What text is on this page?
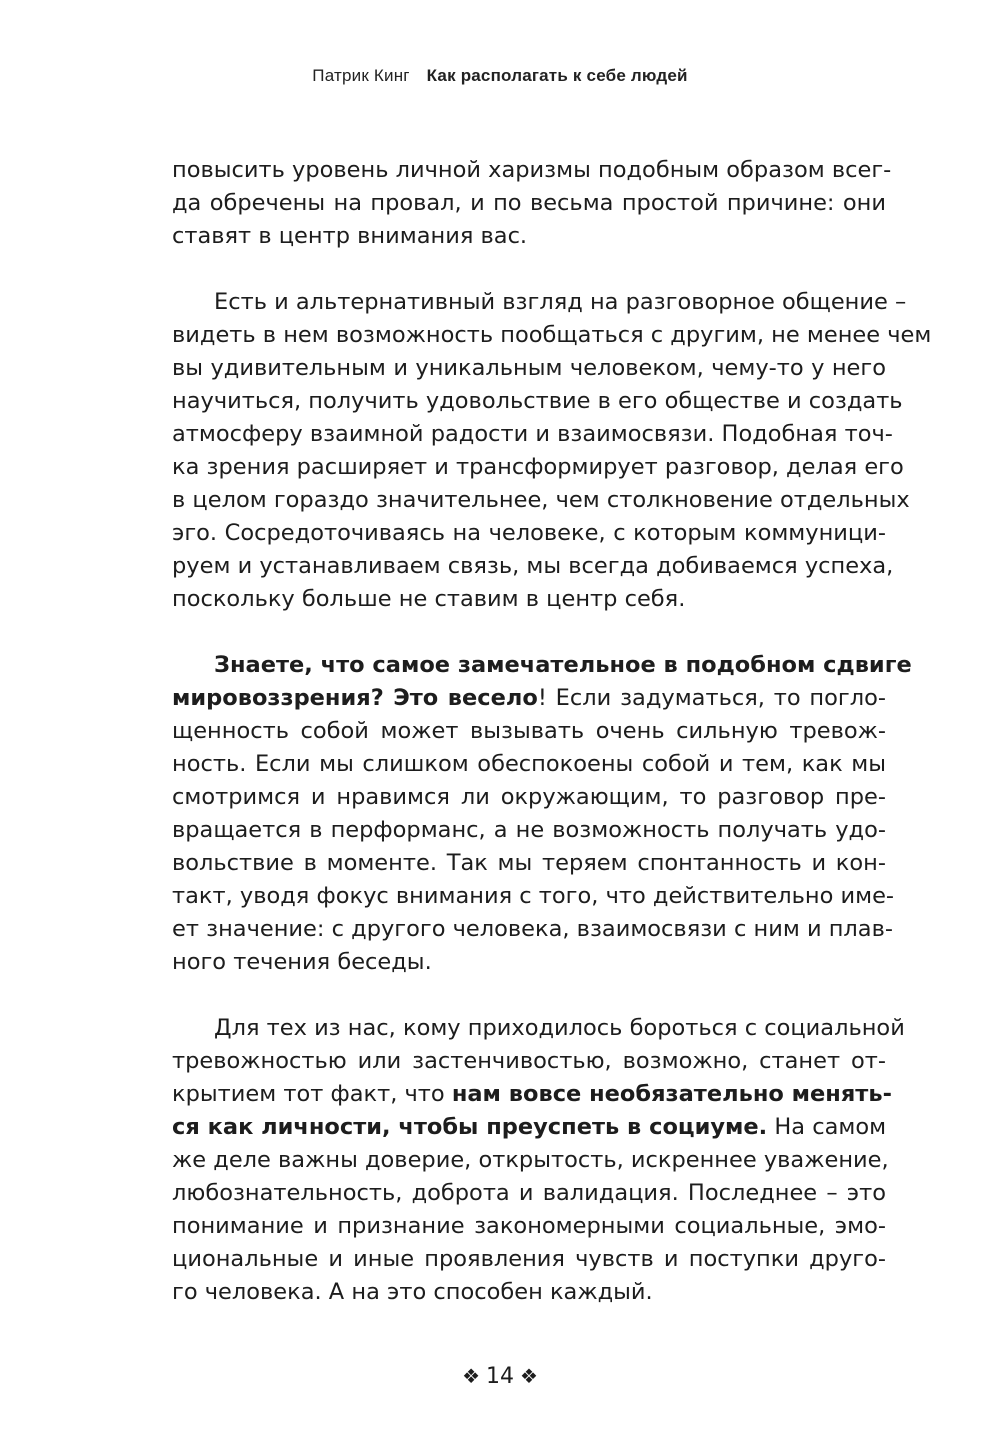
Патрик Кинг Как располагать к себе людей
повысить уровень личной харизмы подобным образом всег-
да обречены на провал, и по весьма простой причине: они
ставят в центр внимания вас.
Есть и альтернативный взгляд на разговорное общение –
видеть в нем возможность пообщаться с другим, не менее чем
вы удивительным и уникальным человеком, чему-то у него
научиться, получить удовольствие в его обществе и создать
атмосферу взаимной радости и взаимосвязи. Подобная точ-
ка зрения расширяет и трансформирует разговор, делая его
в целом гораздо значительнее, чем столкновение отдельных
эго. Сосредоточиваясь на человеке, с которым коммуници-
руем и устанавливаем связь, мы всегда добиваемся успеха,
поскольку больше не ставим в центр себя.
Знаете, что самое замечательное в подобном сдвиге
мировоззрения? Это весело! Если задуматься, то погло-
щенность собой может вызывать очень сильную тревож-
ность. Если мы слишком обеспокоены собой и тем, как мы
смотримся и нравимся ли окружающим, то разговор пре-
вращается в перформанс, а не возможность получать удо-
вольствие в моменте. Так мы теряем спонтанность и кон-
такт, уводя фокус внимания с того, что действительно име-
ет значение: с другого человека, взаимосвязи с ним и плав-
ного течения беседы.
Для тех из нас, кому приходилось бороться с социальной
тревожностью или застенчивостью, возможно, станет от-
крытием тот факт, что нам вовсе необязательно менять-
ся как личности, чтобы преуспеть в социуме. На самом
же деле важны доверие, открытость, искреннее уважение,
любознательность, доброта и валидация. Последнее – это
понимание и признание закономерными социальные, эмо-
циональные и иные проявления чувств и поступки друго-
го человека. А на это способен каждый.
❖ 14 ❖
